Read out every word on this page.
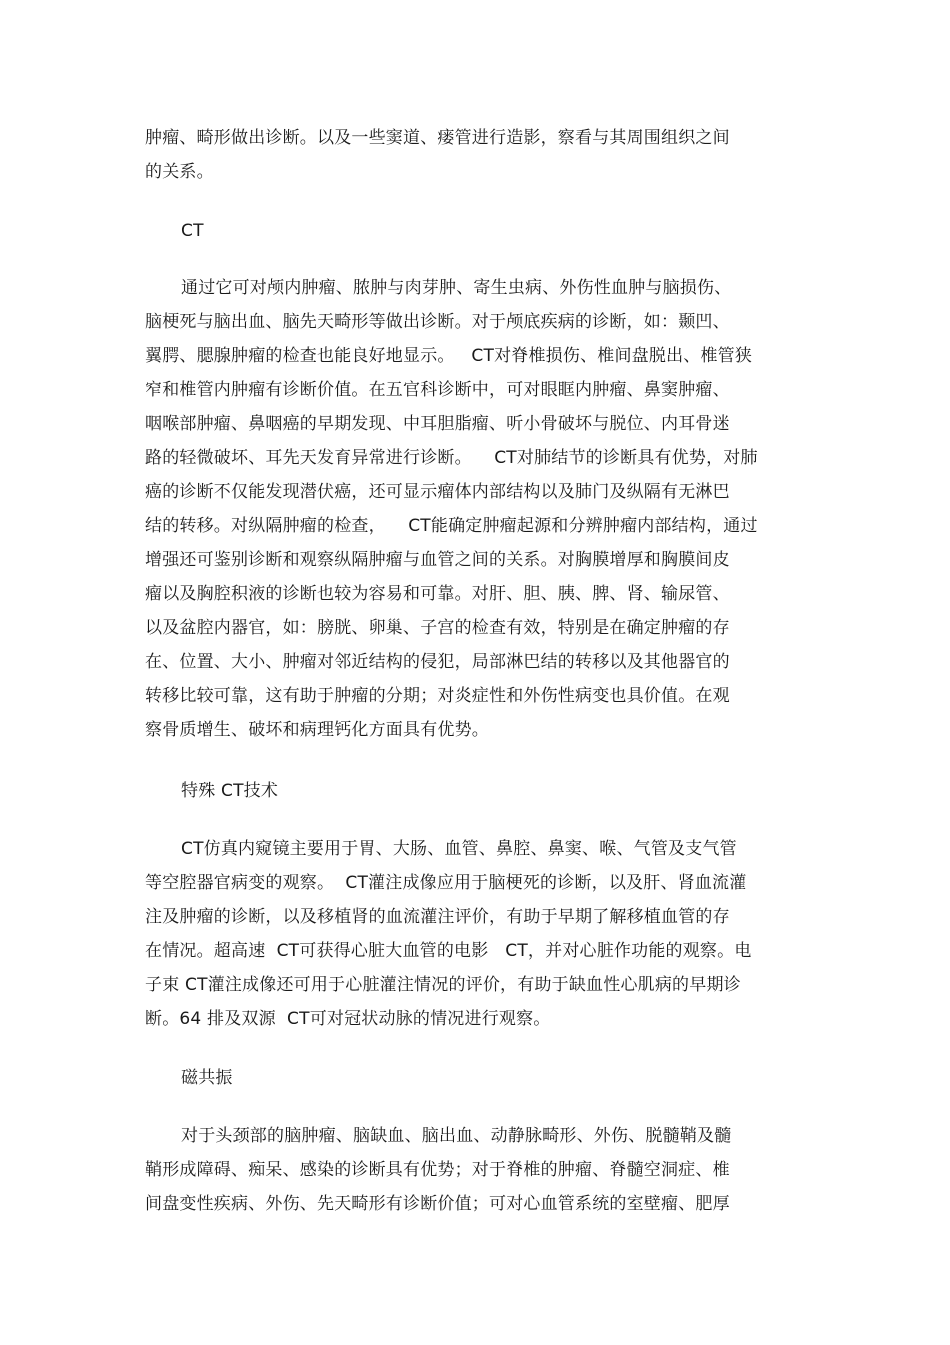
肿瘤、畸形做出诊断。以及一些窦道、瘘管进行造影，察看与其周围组织之间
的关系。
CT
通过它可对颅内肿瘤、脓肿与肉芽肿、寄生虫病、外伤性血肿与脑损伤、
脑梗死与脑出血、脑先天畸形等做出诊断。对于颅底疾病的诊断，如：颞凹、
翼腭、腮腺肿瘤的检查也能良好地显示。   CT对脊椎损伤、椎间盘脱出、椎管狭
窄和椎管内肿瘤有诊断价值。在五官科诊断中，可对眼眶内肿瘤、鼻窦肿瘤、
咽喉部肿瘤、鼻咽癌的早期发现、中耳胆脂瘤、听小骨破坏与脱位、内耳骨迷
路的轻微破坏、耳先天发育异常进行诊断。    CT对肺结节的诊断具有优势，对肺
癌的诊断不仅能发现潜伏癌，还可显示瘤体内部结构以及肺门及纵隔有无淋巴
结的转移。对纵隔肿瘤的检查，    CT能确定肿瘤起源和分辨肿瘤内部结构，通过
增强还可鉴别诊断和观察纵隔肿瘤与血管之间的关系。对胸膜增厚和胸膜间皮
瘤以及胸腔积液的诊断也较为容易和可靠。对肝、胆、胰、脾、肾、输尿管、
以及盆腔内器官，如：膀胱、卵巢、子宫的检查有效，特别是在确定肿瘤的存
在、位置、大小、肿瘤对邻近结构的侵犯，局部淋巴结的转移以及其他器官的
转移比较可靠，这有助于肿瘤的分期；对炎症性和外伤性病变也具价值。在观
察骨质增生、破坏和病理钙化方面具有优势。
特殊 CT技术
CT仿真内窥镜主要用于胃、大肠、血管、鼻腔、鼻窦、喉、气管及支气管
等空腔器官病变的观察。  CT灌注成像应用于脑梗死的诊断，以及肝、肾血流灌
注及肿瘤的诊断，以及移植肾的血流灌注评价，有助于早期了解移植血管的存
在情况。超高速  CT可获得心脏大血管的电影   CT，并对心脏作功能的观察。电
子束 CT灌注成像还可用于心脏灌注情况的评价，有助于缺血性心肌病的早期诊
断。64 排及双源  CT可对冠状动脉的情况进行观察。
磁共振
对于头颈部的脑肿瘤、脑缺血、脑出血、动静脉畸形、外伤、脱髓鞘及髓
鞘形成障碍、痴呆、感染的诊断具有优势；对于脊椎的肿瘤、脊髓空洞症、椎
间盘变性疾病、外伤、先天畸形有诊断价值；可对心血管系统的室壁瘤、肥厚
